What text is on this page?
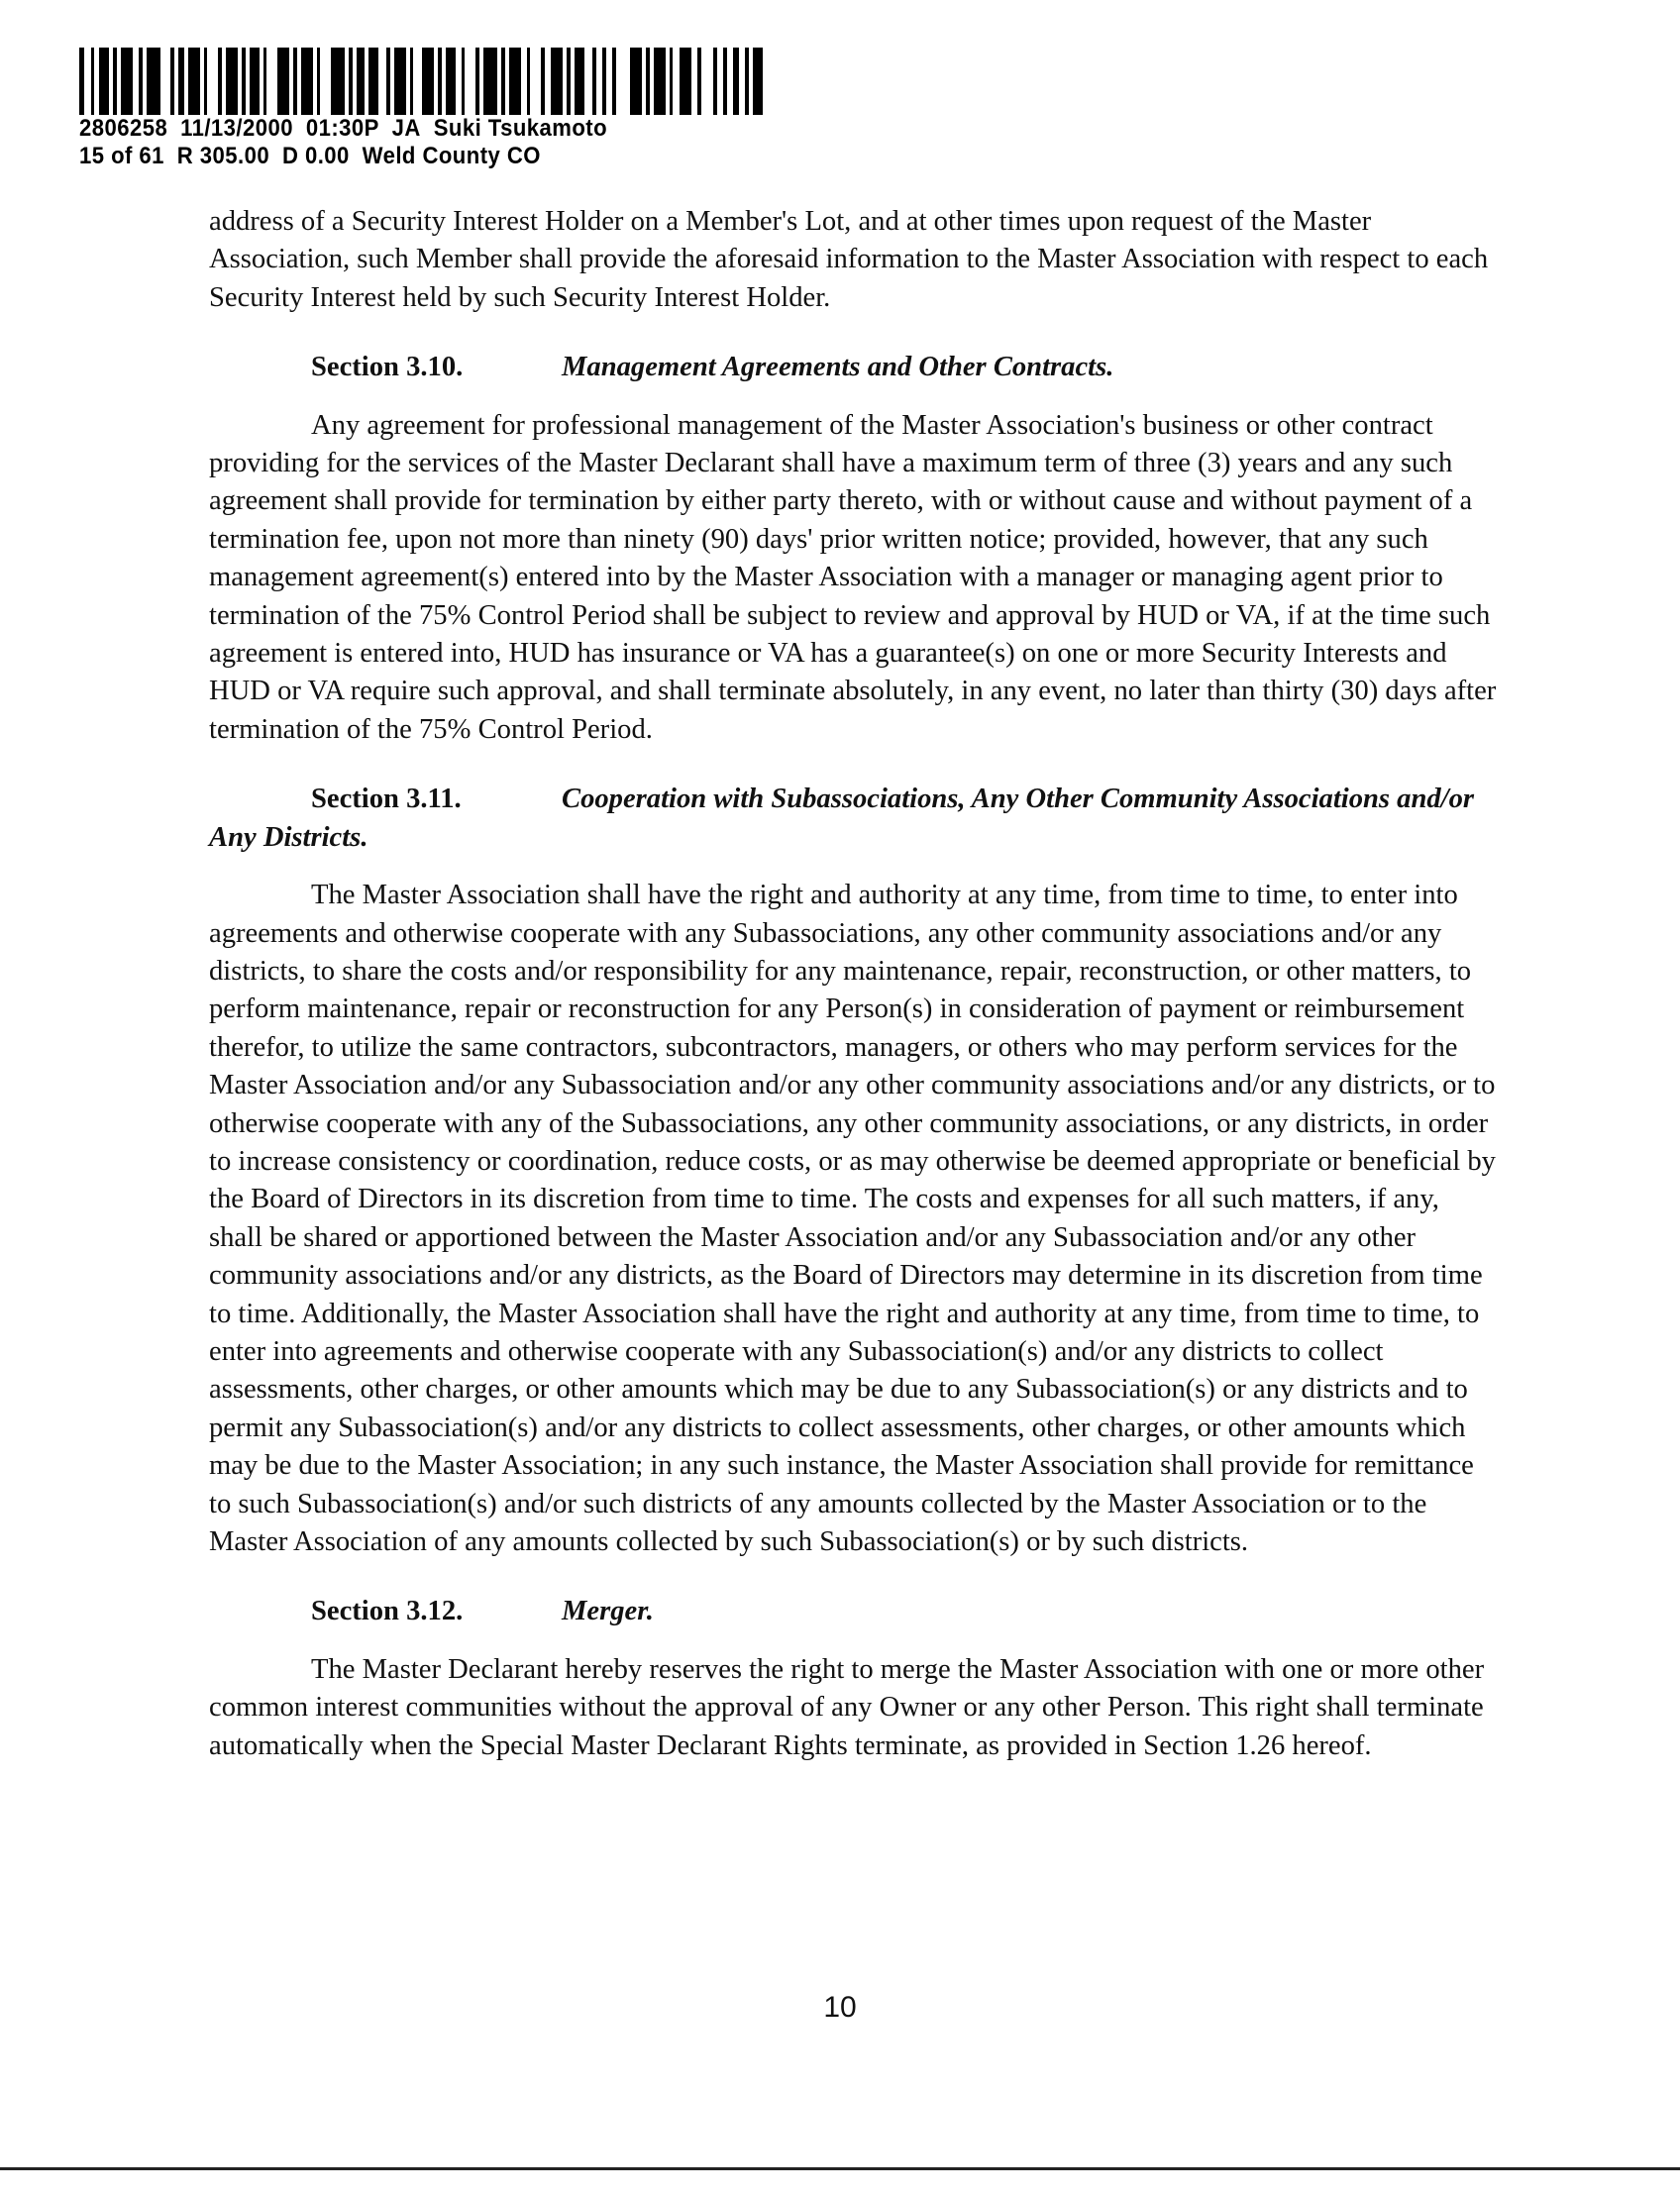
2806258 11/13/2000 01:30P JA Suki Tsukamoto
15 of 61 R 305.00 D 0.00 Weld County CO

address of a Security Interest Holder on a Member's Lot, and at other times upon request of the Master Association, such Member shall provide the aforesaid information to the Master Association with respect to each Security Interest held by such Security Interest Holder.

Section 3.10.	Management Agreements and Other Contracts.

Any agreement for professional management of the Master Association's business or other contract providing for the services of the Master Declarant shall have a maximum term of three (3) years and any such agreement shall provide for termination by either party thereto, with or without cause and without payment of a termination fee, upon not more than ninety (90) days' prior written notice; provided, however, that any such management agreement(s) entered into by the Master Association with a manager or managing agent prior to termination of the 75% Control Period shall be subject to review and approval by HUD or VA, if at the time such agreement is entered into, HUD has insurance or VA has a guarantee(s) on one or more Security Interests and HUD or VA require such approval, and shall terminate absolutely, in any event, no later than thirty (30) days after termination of the 75% Control Period.

Section 3.11.	Cooperation with Subassociations, Any Other Community Associations and/or Any Districts.

The Master Association shall have the right and authority at any time, from time to time, to enter into agreements and otherwise cooperate with any Subassociations, any other community associations and/or any districts, to share the costs and/or responsibility for any maintenance, repair, reconstruction, or other matters, to perform maintenance, repair or reconstruction for any Person(s) in consideration of payment or reimbursement therefor, to utilize the same contractors, subcontractors, managers, or others who may perform services for the Master Association and/or any Subassociation and/or any other community associations and/or any districts, or to otherwise cooperate with any of the Subassociations, any other community associations, or any districts, in order to increase consistency or coordination, reduce costs, or as may otherwise be deemed appropriate or beneficial by the Board of Directors in its discretion from time to time. The costs and expenses for all such matters, if any, shall be shared or apportioned between the Master Association and/or any Subassociation and/or any other community associations and/or any districts, as the Board of Directors may determine in its discretion from time to time. Additionally, the Master Association shall have the right and authority at any time, from time to time, to enter into agreements and otherwise cooperate with any Subassociation(s) and/or any districts to collect assessments, other charges, or other amounts which may be due to any Subassociation(s) or any districts and to permit any Subassociation(s) and/or any districts to collect assessments, other charges, or other amounts which may be due to the Master Association; in any such instance, the Master Association shall provide for remittance to such Subassociation(s) and/or such districts of any amounts collected by the Master Association or to the Master Association of any amounts collected by such Subassociation(s) or by such districts.

Section 3.12.	Merger.

The Master Declarant hereby reserves the right to merge the Master Association with one or more other common interest communities without the approval of any Owner or any other Person. This right shall terminate automatically when the Special Master Declarant Rights terminate, as provided in Section 1.26 hereof.

10
